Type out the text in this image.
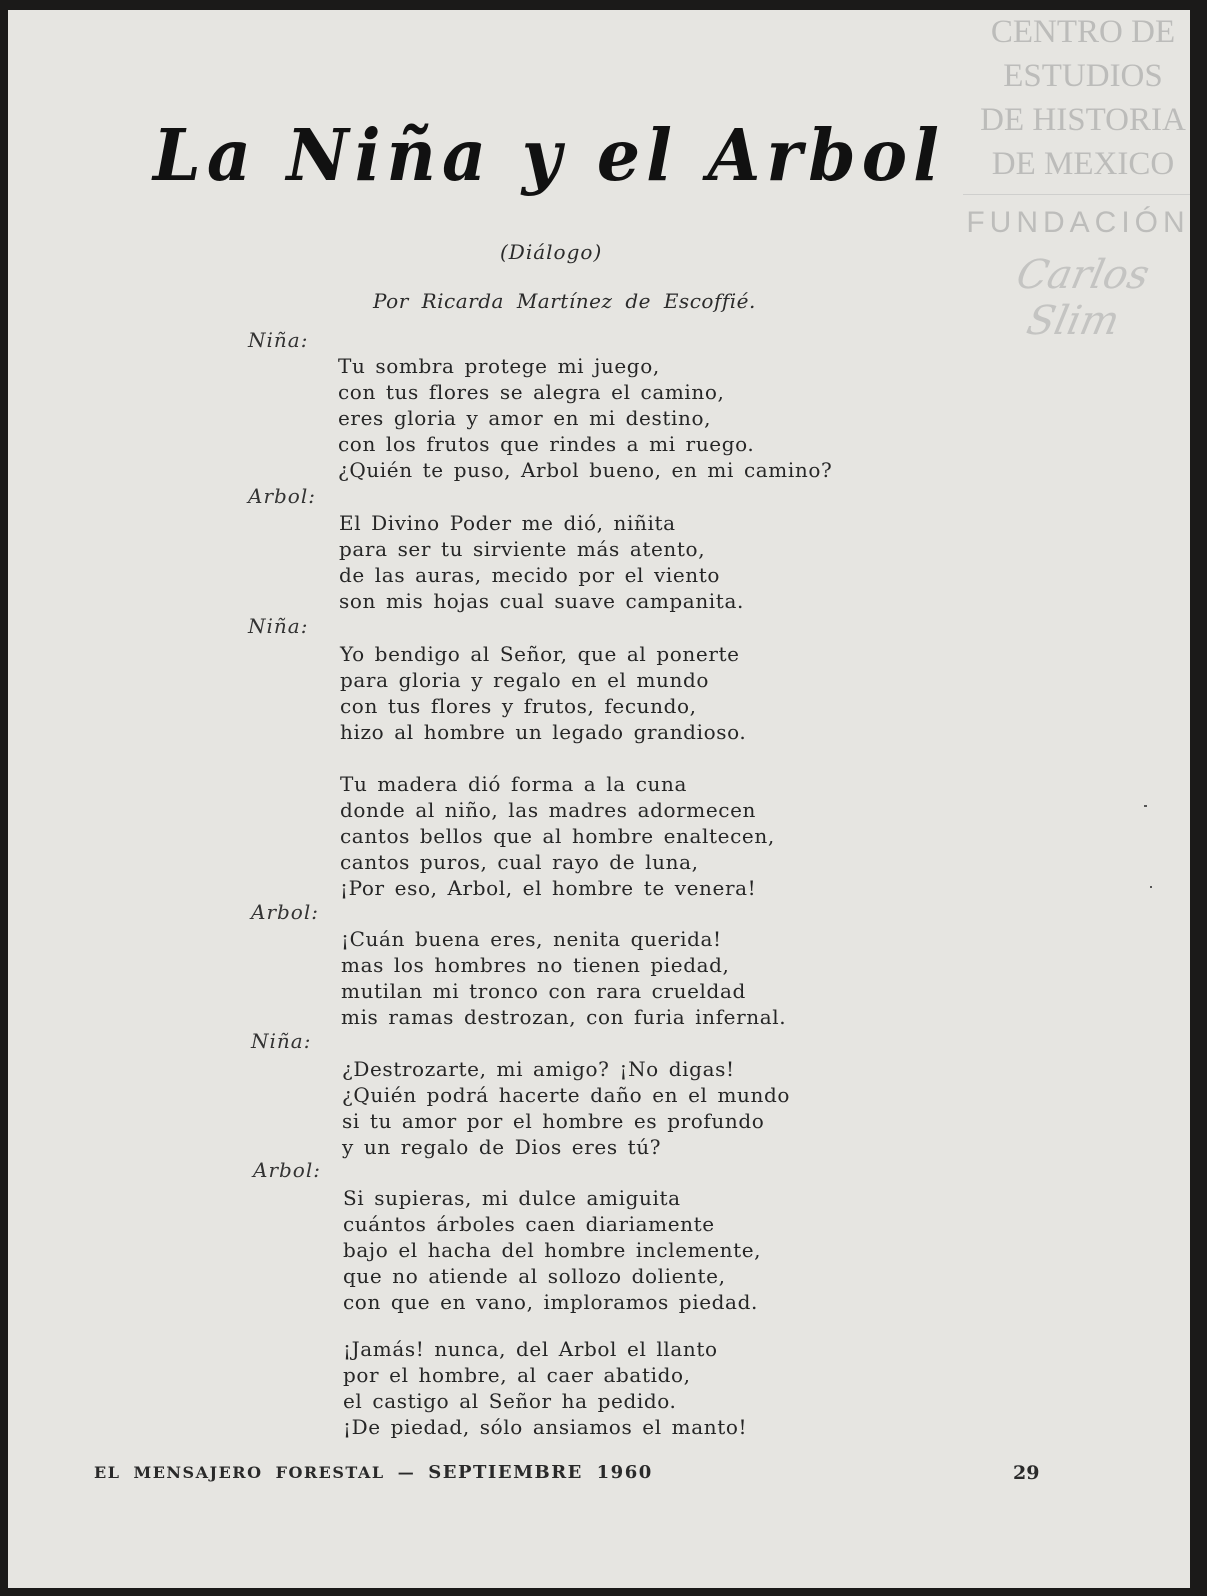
CENTRO DE
ESTUDIOS
DE HISTORIA
DE MEXICO
FUNDACIÓN
Carlos Slim
La Niña y el Arbol
(Diálogo)
Por Ricarda Martínez de Escoffié.
Niña:
Tu sombra protege mi juego,
con tus flores se alegra el camino,
eres gloria y amor en mi destino,
con los frutos que rindes a mi ruego.
¿Quién te puso, Arbol bueno, en mi camino?
Arbol:
El Divino Poder me dió, niñita
para ser tu sirviente más atento,
de las auras, mecido por el viento
son mis hojas cual suave campanita.
Niña:
Yo bendigo al Señor, que al ponerte
para gloria y regalo en el mundo
con tus flores y frutos, fecundo,
hizo al hombre un legado grandioso.
Tu madera dió forma a la cuna
donde al niño, las madres adormecen
cantos bellos que al hombre enaltecen,
cantos puros, cual rayo de luna,
¡Por eso, Arbol, el hombre te venera!
Arbol:
¡Cuán buena eres, nenita querida!
mas los hombres no tienen piedad,
mutilan mi tronco con rara crueldad
mis ramas destrozan, con furia infernal.
Niña:
¿Destrozarte, mi amigo? ¡No digas!
¿Quién podrá hacerte daño en el mundo
si tu amor por el hombre es profundo
y un regalo de Dios eres tú?
Arbol:
Si supieras, mi dulce amiguita
cuántos árboles caen diariamente
bajo el hacha del hombre inclemente,
que no atiende al sollozo doliente,
con que en vano, imploramos piedad.
¡Jamás! nunca, del Arbol el llanto
por el hombre, al caer abatido,
el castigo al Señor ha pedido.
¡De piedad, sólo ansiamos el manto!
EL MENSAJERO FORESTAL — SEPTIEMBRE 1960	29
